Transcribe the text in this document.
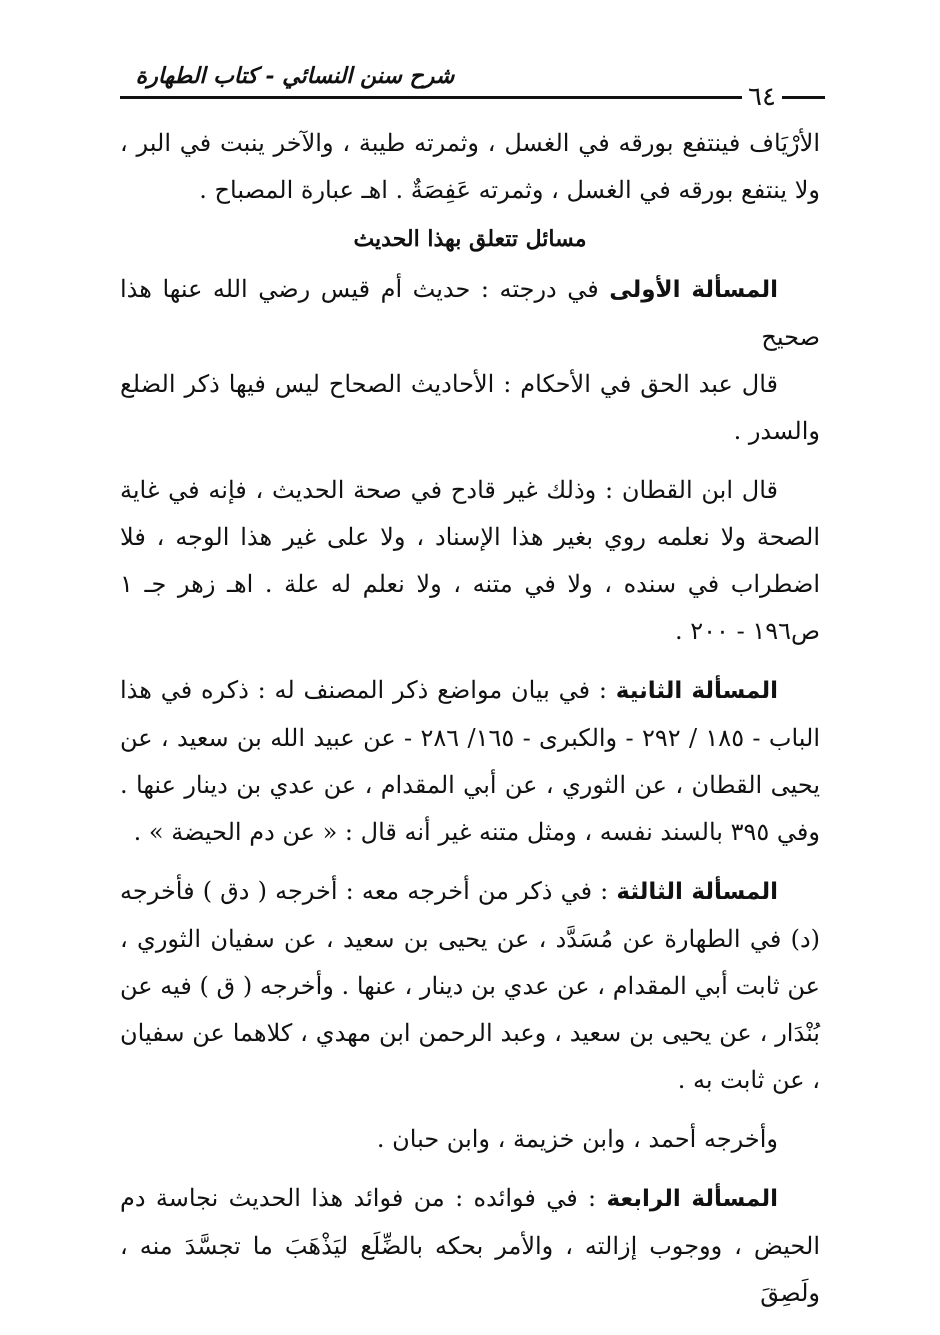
شرح سنن النسائي - كتاب الطهارة
٦٤

الأرْيَاف فينتفع بورقه في الغسل ، وثمرته طيبة ، والآخر ينبت في البر ، ولا ينتفع بورقه في الغسل ، وثمرته عَفِصَةٌ . اهـ عبارة المصباح .

مسائل تتعلق بهذا الحديث

المسألة الأولى في درجته : حديث أم قيس رضي الله عنها هذا صحيح

قال عبد الحق في الأحكام : الأحاديث الصحاح ليس فيها ذكر الضلع والسدر .

قال ابن القطان : وذلك غير قادح في صحة الحديث ، فإنه في غاية الصحة ولا نعلمه روي بغير هذا الإسناد ، ولا على غير هذا الوجه ، فلا اضطراب في سنده ، ولا في متنه ، ولا نعلم له علة . اهـ زهر جـ ١ ص١٩٦ - ٢٠٠ .

المسألة الثانية : في بيان مواضع ذكر المصنف له : ذكره في هذا الباب - ١٨٥ / ٢٩٢ - والكبرى - ١٦٥/ ٢٨٦ - عن عبيد الله بن سعيد ، عن يحيى القطان ، عن الثوري ، عن أبي المقدام ، عن عدي بن دينار عنها . وفي ٣٩٥ بالسند نفسه ، ومثل متنه غير أنه قال : « عن دم الحيضة » .

المسألة الثالثة : في ذكر من أخرجه معه : أخرجه ( دق ) فأخرجه (د) في الطهارة عن مُسَدَّد ، عن يحيى بن سعيد ، عن سفيان الثوري ، عن ثابت أبي المقدام ، عن عدي بن دينار ، عنها . وأخرجه ( ق ) فيه عن بُنْدَار ، عن يحيى بن سعيد ، وعبد الرحمن ابن مهدي ، كلاهما عن سفيان ، عن ثابت به .

وأخرجه أحمد ، وابن خزيمة ، وابن حبان .

المسألة الرابعة : في فوائده : من فوائد هذا الحديث نجاسة دم الحيض ، ووجوب إزالته ، والأمر بحكه بالضِّلَع ليَذْهَبَ ما تجسَّدَ منه ، ولَصِقَ
